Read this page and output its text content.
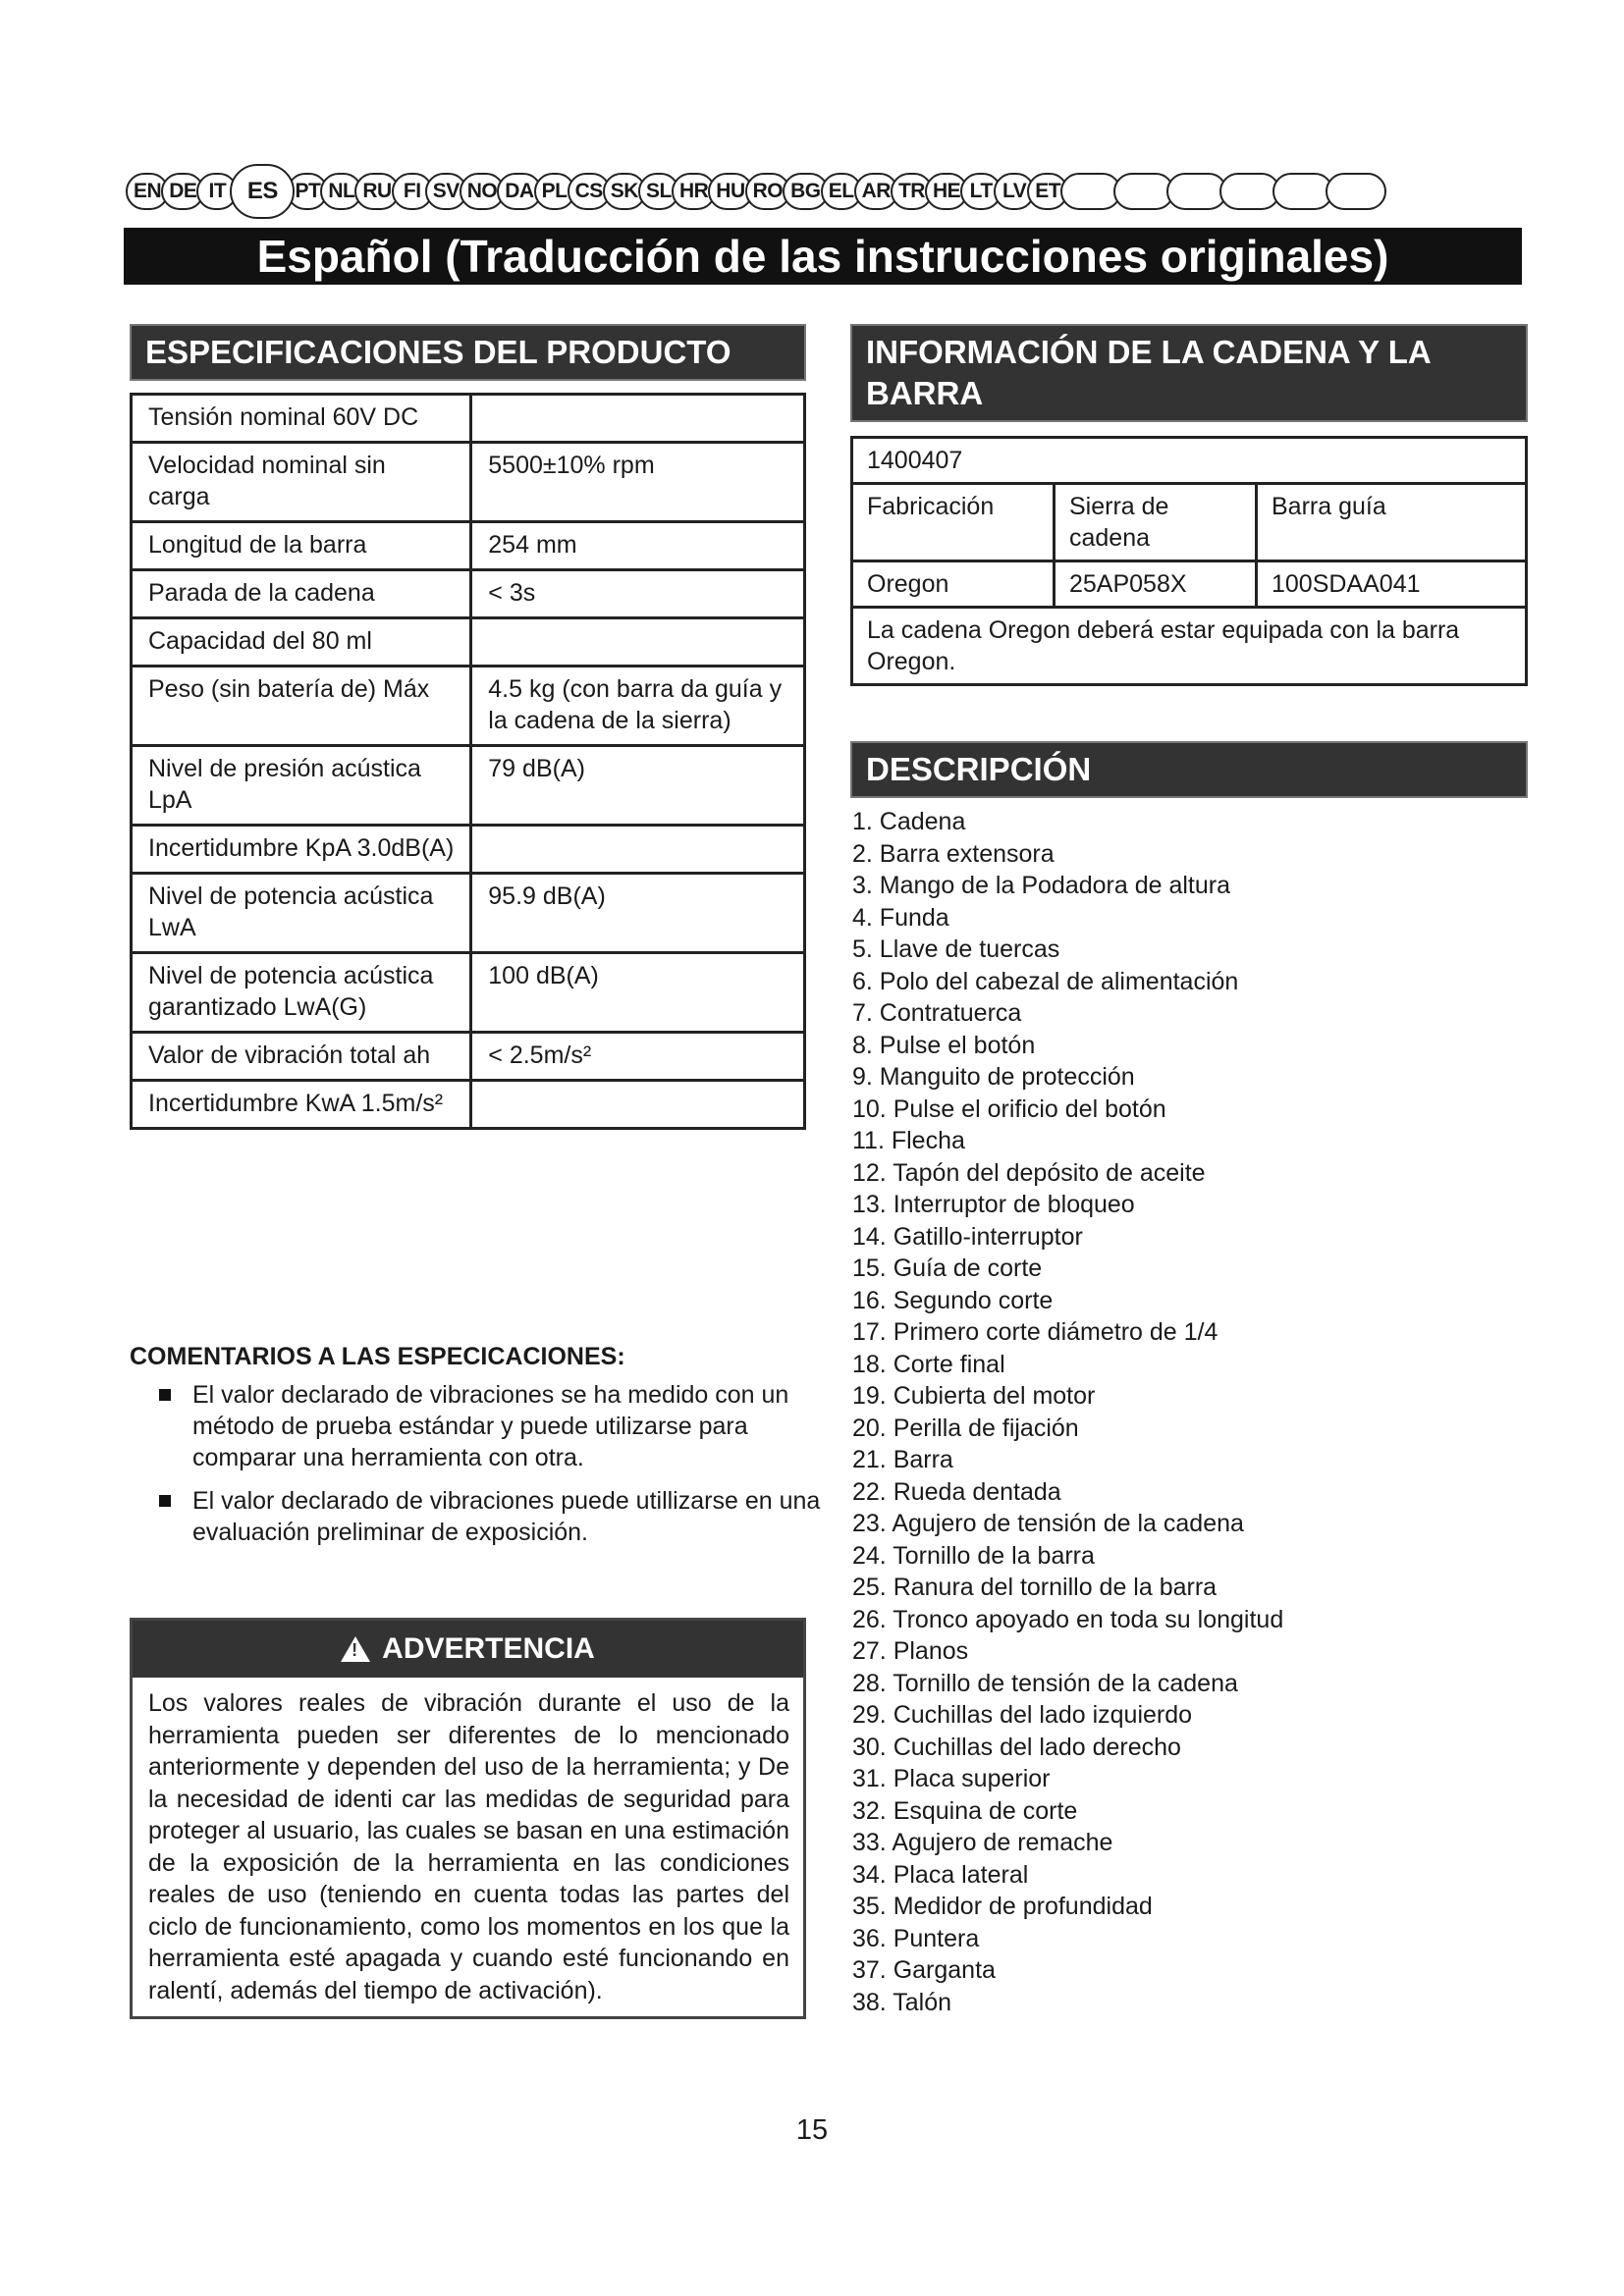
EN DE IT ES PT NL RU FI SV NO DA PL CS SK SL HR HU RO BG EL AR TR HE LT LV ET
Español (Traducción de las instrucciones originales)
ESPECIFICACIONES DEL PRODUCTO
Tensión nominal 60V DC	
Velocidad nominal sin carga	5500±10% rpm
Longitud de la barra	254 mm
Parada de la cadena	< 3s
Capacidad del 80 ml	
Peso (sin batería de) Máx	4.5 kg (con barra da guía y la cadena de la sierra)
Nivel de presión acústica LpA	79 dB(A)
Incertidumbre KpA 3.0dB(A)	
Nivel de potencia acústica LwA	95.9 dB(A)
Nivel de potencia acústica garantizado LwA(G)	100 dB(A)
Valor de vibración total ah	< 2.5m/s²
Incertidumbre KwA 1.5m/s²	
COMENTARIOS A LAS ESPECICACIONES:
El valor declarado de vibraciones se ha medido con un método de prueba estándar y puede utilizarse para comparar una herramienta con otra.
El valor declarado de vibraciones puede utillizarse en una evaluación preliminar de exposición.
!
ADVERTENCIA
Los valores reales de vibración durante el uso de la herramienta pueden ser diferentes de lo mencionado anteriormente y dependen del uso de la herramienta; y De la necesidad de identi car las medidas de seguridad para proteger al usuario, las cuales se basan en una estimación de la exposición de la herramienta en las condiciones reales de uso (teniendo en cuenta todas las partes del ciclo de funcionamiento, como los momentos en los que la herramienta esté apagada y cuando esté funcionando en ralentí, además del tiempo de activación).
INFORMACIÓN DE LA CADENA Y LA BARRA
1400407		
Fabricación	Sierra de cadena	Barra guía
Oregon	25AP058X	100SDAA041
La cadena Oregon deberá estar equipada con la barra Oregon.		
DESCRIPCIÓN
1. Cadena
2. Barra extensora
3. Mango de la Podadora de altura
4. Funda
5. Llave de tuercas
6. Polo del cabezal de alimentación
7. Contratuerca
8. Pulse el botón
9. Manguito de protección
10. Pulse el orificio del botón
11. Flecha
12. Tapón del depósito de aceite
13. Interruptor de bloqueo
14. Gatillo-interruptor
15. Guía de corte
16. Segundo corte
17. Primero corte diámetro de 1/4
18. Corte final
19. Cubierta del motor
20. Perilla de fijación
21. Barra
22. Rueda dentada
23. Agujero de tensión de la cadena
24. Tornillo de la barra
25. Ranura del tornillo de la barra
26. Tronco apoyado en toda su longitud
27. Planos
28. Tornillo de tensión de la cadena
29. Cuchillas del lado izquierdo
30. Cuchillas del lado derecho
31. Placa superior
32. Esquina de corte
33. Agujero de remache
34. Placa lateral
35. Medidor de profundidad
36. Puntera
37. Garganta
38. Talón
15
